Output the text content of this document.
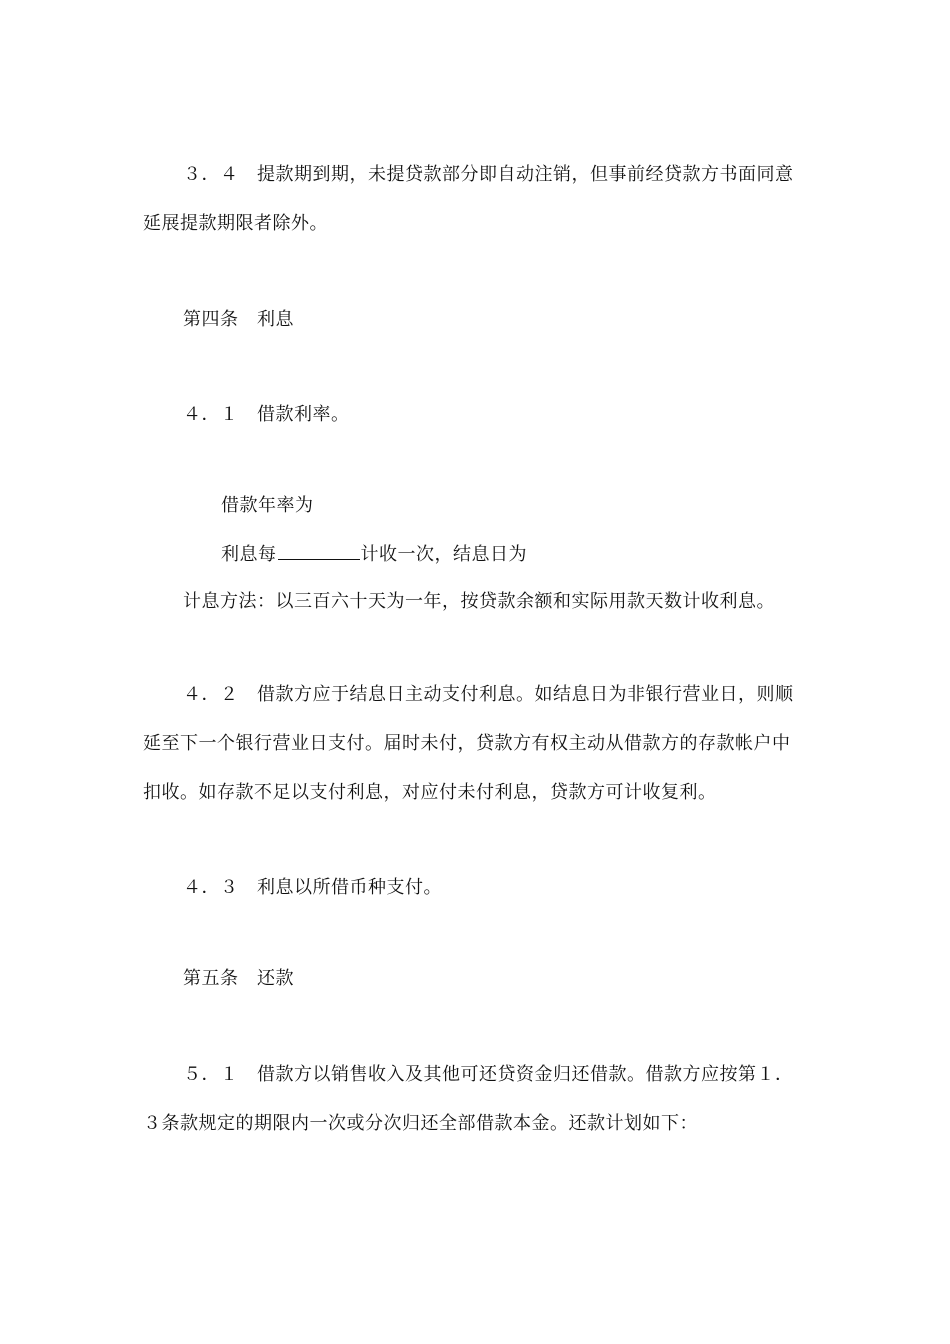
３．４　提款期到期，未提贷款部分即自动注销，但事前经贷款方书面同意
延展提款期限者除外。
第四条　利息
４．１　借款利率。
借款年率为
利息每	计收一次，结息日为
计息方法：以三百六十天为一年，按贷款余额和实际用款天数计收利息。
４．２　借款方应于结息日主动支付利息。如结息日为非银行营业日，则顺
延至下一个银行营业日支付。届时未付，贷款方有权主动从借款方的存款帐户中
扣收。如存款不足以支付利息，对应付未付利息，贷款方可计收复利。
４．３　利息以所借币种支付。
第五条　还款
５．１　借款方以销售收入及其他可还贷资金归还借款。借款方应按第１．
３条款规定的期限内一次或分次归还全部借款本金。还款计划如下：
